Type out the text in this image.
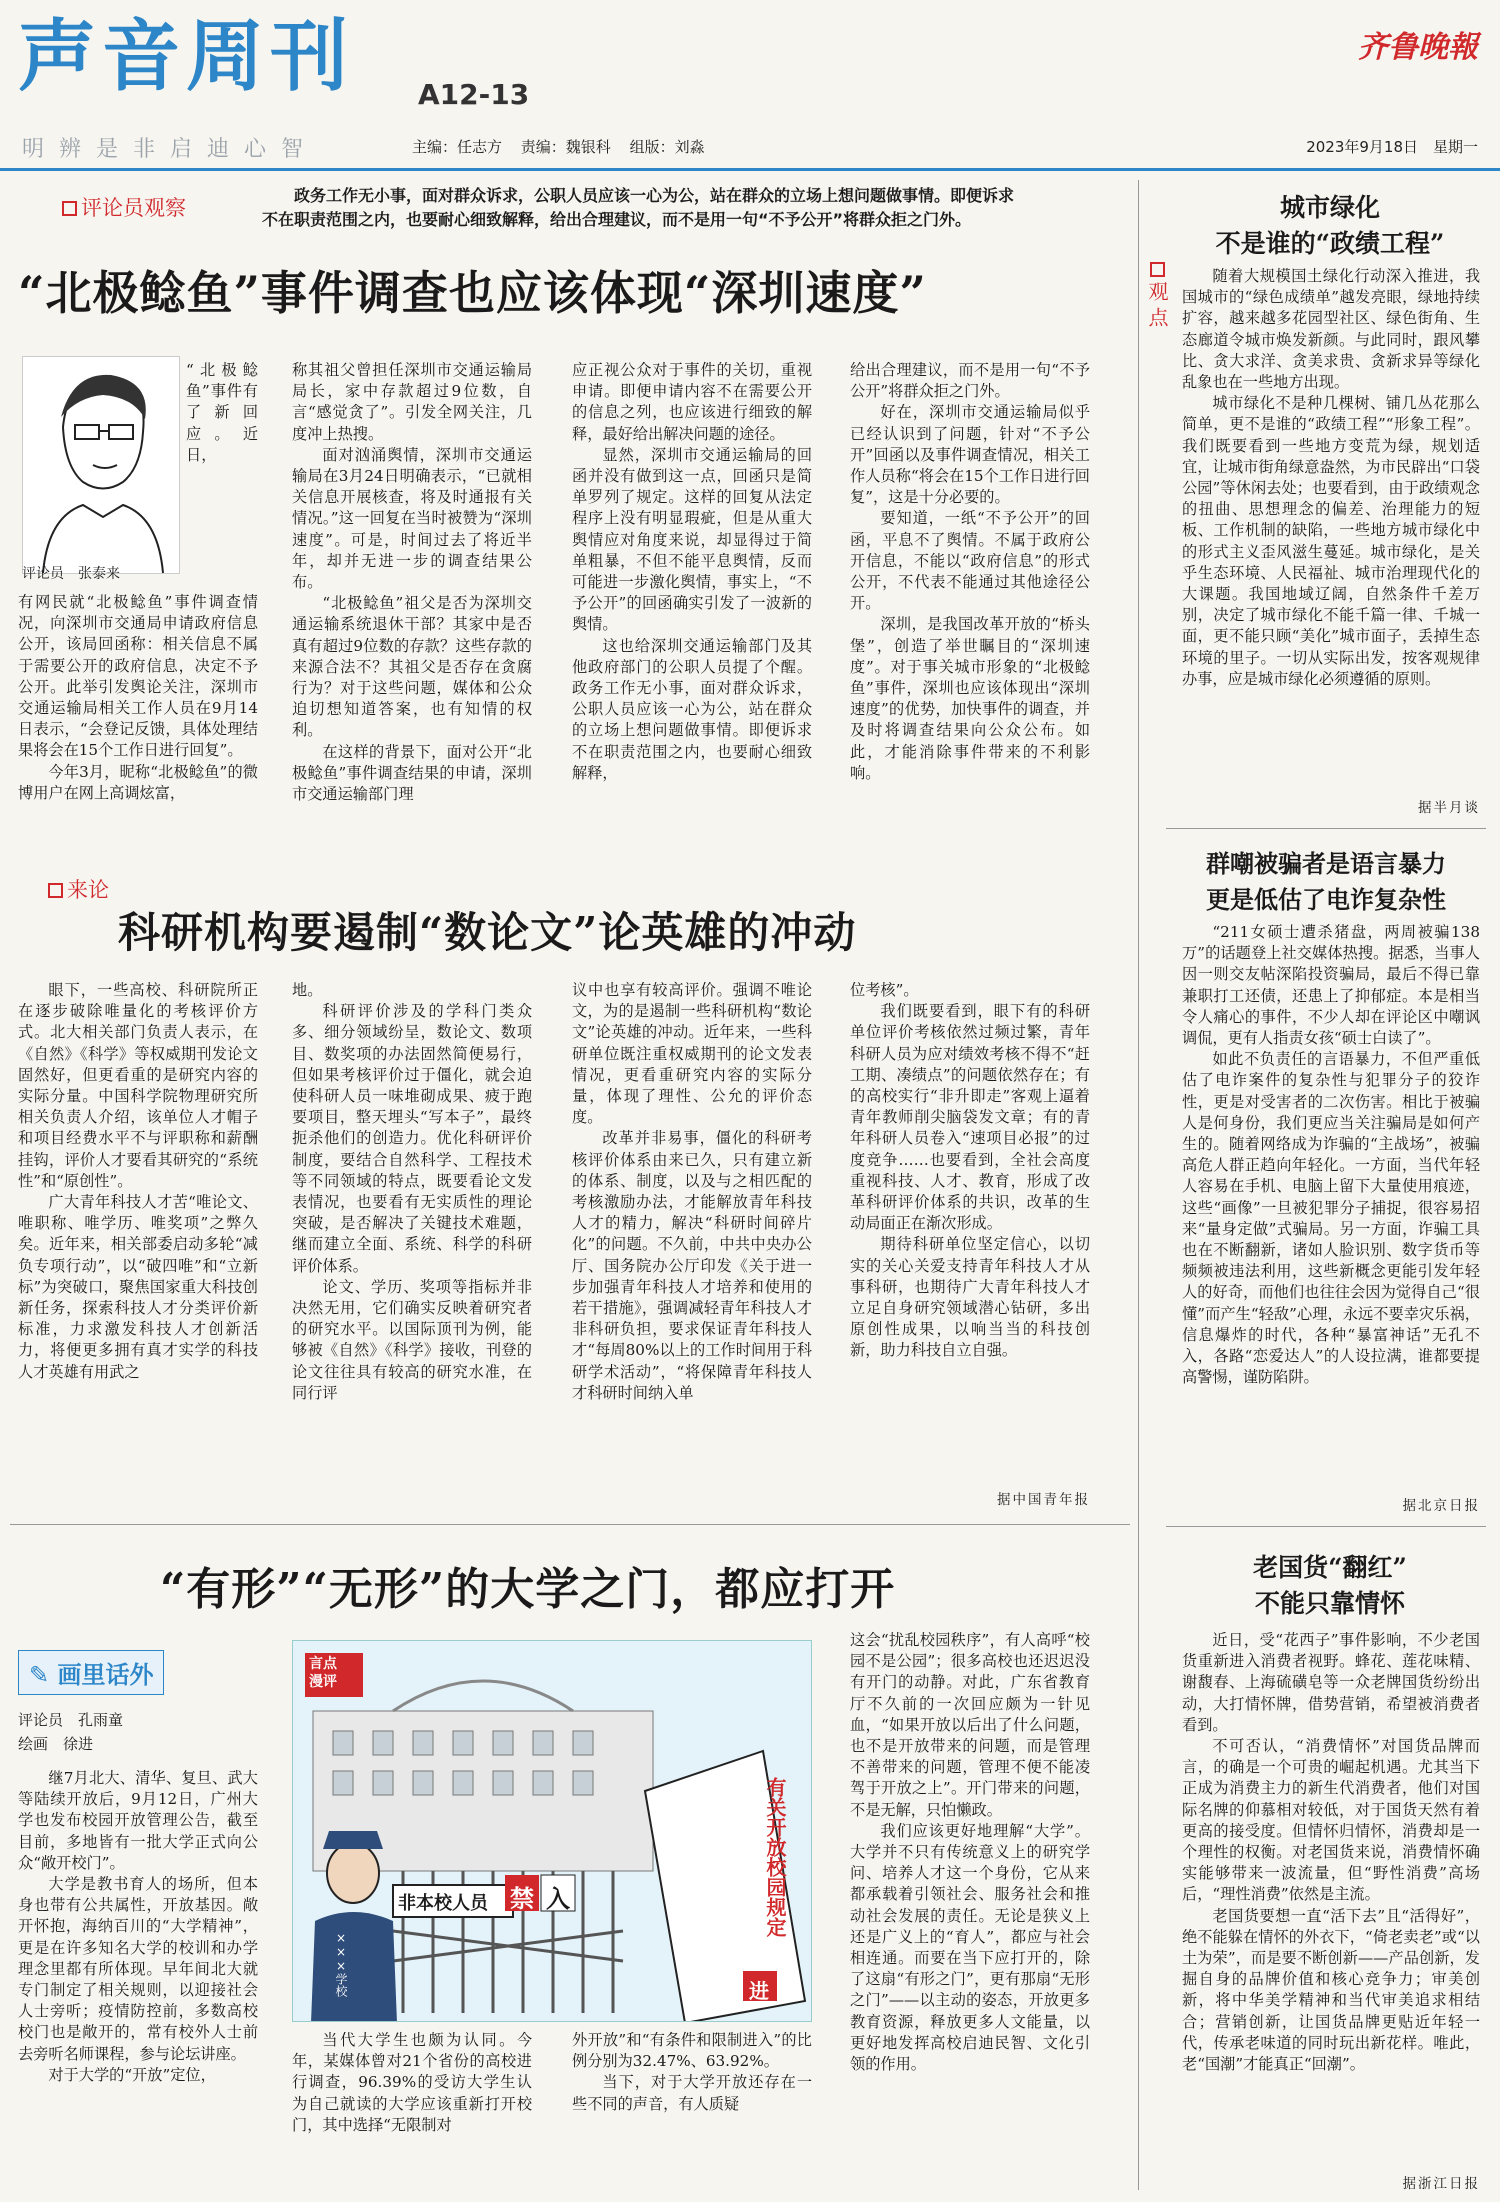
声音周刊 A12-13
明辨是非启迪心智	主编：任志方 责编：魏银科 组版：刘淼
齐鲁晚報
2023年9月18日　星期一
观点
评论员观察
政务工作无小事，面对群众诉求，公职人员应该一心为公，站在群众的立场上想问题做事情。即便诉求不在职责范围之内，也要耐心细致解释，给出合理建议，而不是用一句“不予公开”将群众拒之门外。
“北极鲶鱼”事件调查也应该体现“深圳速度”
评论员　张泰来

“北极鲶鱼”事件有了新回应。近日，

有网民就“北极鲶鱼”事件调查情况，向深圳市交通局申请政府信息公开，该局回函称：相关信息不属于需要公开的政府信息，决定不予公开。此举引发舆论关注，深圳市交通运输局相关工作人员在9月14日表示，“会登记反馈，具体处理结果将会在15个工作日进行回复”。

今年3月，昵称“北极鲶鱼”的微博用户在网上高调炫富，

称其祖父曾担任深圳市交通运输局局长，家中存款超过9位数，自言“感觉贪了”。引发全网关注，几度冲上热搜。

面对汹涌舆情，深圳市交通运输局在3月24日明确表示，“已就相关信息开展核查，将及时通报有关情况。”这一回复在当时被赞为“深圳速度”。可是，时间过去了将近半年，却并无进一步的调查结果公布。

“北极鲶鱼”祖父是否为深圳交通运输系统退休干部？其家中是否真有超过9位数的存款？这些存款的来源合法不？其祖父是否存在贪腐行为？对于这些问题，媒体和公众迫切想知道答案，也有知情的权利。

在这样的背景下，面对公开“北极鲶鱼”事件调查结果的申请，深圳市交通运输部门理

应正视公众对于事件的关切，重视申请。即便申请内容不在需要公开的信息之列，也应该进行细致的解释，最好给出解决问题的途径。

显然，深圳市交通运输局的回函并没有做到这一点，回函只是简单罗列了规定。这样的回复从法定程序上没有明显瑕疵，但是从重大舆情应对角度来说，却显得过于简单粗暴，不但不能平息舆情，反而可能进一步激化舆情，事实上，“不予公开”的回函确实引发了一波新的舆情。

这也给深圳交通运输部门及其他政府部门的公职人员提了个醒。政务工作无小事，面对群众诉求，公职人员应该一心为公，站在群众的立场上想问题做事情。即便诉求不在职责范围之内，也要耐心细致解释，

给出合理建议，而不是用一句“不予公开”将群众拒之门外。

好在，深圳市交通运输局似乎已经认识到了问题，针对“不予公开”回函以及事件调查情况，相关工作人员称“将会在15个工作日进行回复”，这是十分必要的。

要知道，一纸“不予公开”的回函，平息不了舆情。不属于政府公开信息，不能以“政府信息”的形式公开，不代表不能通过其他途径公开。

深圳，是我国改革开放的“桥头堡”，创造了举世瞩目的“深圳速度”。对于事关城市形象的“北极鲶鱼”事件，深圳也应该体现出“深圳速度”的优势，加快事件的调查，并及时将调查结果向公众公布。如此，才能消除事件带来的不利影响。

来论
科研机构要遏制“数论文”论英雄的冲动

眼下，一些高校、科研院所正在逐步破除唯量化的考核评价方式。北大相关部门负责人表示，在《自然》《科学》等权威期刊发论文固然好，但更看重的是研究内容的实际分量。中国科学院物理研究所相关负责人介绍，该单位人才帽子和项目经费水平不与评职称和薪酬挂钩，评价人才要看其研究的“系统性”和“原创性”。

广大青年科技人才苦“唯论文、唯职称、唯学历、唯奖项”之弊久矣。近年来，相关部委启动多轮“减负专项行动”，以“破四唯”和“立新标”为突破口，聚焦国家重大科技创新任务，探索科技人才分类评价新标准，力求激发科技人才创新活力，将便更多拥有真才实学的科技人才英雄有用武之

地。

科研评价涉及的学科门类众多、细分领域纷呈，数论文、数项目、数奖项的办法固然简便易行，但如果考核评价过于僵化，就会迫使科研人员一味堆砌成果、疲于跑要项目，整天埋头“写本子”，最终扼杀他们的创造力。优化科研评价制度，要结合自然科学、工程技术等不同领域的特点，既要看论文发表情况，也要看有无实质性的理论突破，是否解决了关键技术难题，继而建立全面、系统、科学的科研评价体系。

论文、学历、奖项等指标并非决然无用，它们确实反映着研究者的研究水平。以国际顶刊为例，能够被《自然》《科学》接收，刊登的论文往往具有较高的研究水准，在同行评

议中也享有较高评价。强调不唯论文，为的是遏制一些科研机构“数论文”论英雄的冲动。近年来，一些科研单位既注重权威期刊的论文发表情况，更看重研究内容的实际分量，体现了理性、公允的评价态度。

改革并非易事，僵化的科研考核评价体系由来已久，只有建立新的体系、制度，以及与之相匹配的考核激励办法，才能解放青年科技人才的精力，解决“科研时间碎片化”的问题。不久前，中共中央办公厅、国务院办公厅印发《关于进一步加强青年科技人才培养和使用的若干措施》，强调减轻青年科技人才非科研负担，要求保证青年科技人才“每周80%以上的工作时间用于科研学术活动”，“将保障青年科技人才科研时间纳入单

位考核”。

我们既要看到，眼下有的科研单位评价考核依然过频过繁，青年科研人员为应对绩效考核不得不“赶工期、凑绩点”的问题依然存在；有的高校实行“非升即走”客观上逼着青年教师削尖脑袋发文章；有的青年科研人员卷入“速项目必报”的过度竞争……也要看到，全社会高度重视科技、人才、教育，形成了改革科研评价体系的共识，改革的生动局面正在渐次形成。

期待科研单位坚定信心，以切实的关心关爱支持青年科技人才从事科研，也期待广大青年科技人才立足自身研究领域潜心钻研，多出原创性成果，以响当当的科技创新，助力科技自立自强。

据中国青年报
“有形”“无形”的大学之门，都应打开
✎ 画里话外
评论员　孔雨童
绘画　徐进

继7月北大、清华、复旦、武大等陆续开放后，9月12日，广州大学也发布校园开放管理公告，截至目前，多地皆有一批大学正式向公众“敞开校门”。

大学是教书育人的场所，但本身也带有公共属性，开放基因。敞开怀抱，海纳百川的“大学精神”，更是在许多知名大学的校训和办学理念里都有所体现。早年间北大就专门制定了相关规则，以迎接社会人士旁听；疫情防控前，多数高校校门也是敞开的，常有校外人士前去旁听名师课程，参与论坛讲座。

对于大学的“开放”定位，

言点
漫评
非本校人员 禁 入
×××学校
有关开放校园规定
进

当代大学生也颇为认同。今年，某媒体曾对21个省份的高校进行调查，96.39%的受访大学生认为自己就读的大学应该重新打开校门，其中选择“无限制对

外开放”和“有条件和限制进入”的比例分别为32.47%、63.92%。

当下，对于大学开放还存在一些不同的声音，有人质疑

这会“扰乱校园秩序”，有人高呼“校园不是公园”；很多高校也还迟迟没有开门的动静。对此，广东省教育厅不久前的一次回应颇为一针见血，“如果开放以后出了什么问题，也不是开放带来的问题，而是管理不善带来的问题，管理不便不能凌驾于开放之上”。开门带来的问题，不是无解，只怕懒政。

我们应该更好地理解“大学”。大学并不只有传统意义上的研究学问、培养人才这一个身份，它从来都承载着引领社会、服务社会和推动社会发展的责任。无论是狭义上还是广义上的“育人”，都应与社会相连通。而要在当下应打开的，除了这扇“有形之门”，更有那扇“无形之门”——以主动的姿态，开放更多教育资源，释放更多人文能量，以更好地发挥高校启迪民智、文化引领的作用。

城市绿化
不是谁的“政绩工程”

随着大规模国土绿化行动深入推进，我国城市的“绿色成绩单”越发亮眼，绿地持续扩容，越来越多花园型社区、绿色街角、生态廊道令城市焕发新颜。与此同时，跟风攀比、贪大求洋、贪美求贵、贪新求异等绿化乱象也在一些地方出现。

城市绿化不是种几棵树、铺几丛花那么简单，更不是谁的“政绩工程”“形象工程”。我们既要看到一些地方变荒为绿，规划适宜，让城市街角绿意盎然，为市民辟出“口袋公园”等休闲去处；也要看到，由于政绩观念的扭曲、思想理念的偏差、治理能力的短板、工作机制的缺陷，一些地方城市绿化中的形式主义歪风滋生蔓延。城市绿化，是关乎生态环境、人民福祉、城市治理现代化的大课题。我国地域辽阔，自然条件千差万别，决定了城市绿化不能千篇一律、千城一面，更不能只顾“美化”城市面子，丢掉生态环境的里子。一切从实际出发，按客观规律办事，应是城市绿化必须遵循的原则。

据半月谈
群嘲被骗者是语言暴力
更是低估了电诈复杂性

“211女硕士遭杀猪盘，两周被骗138万”的话题登上社交媒体热搜。据悉，当事人因一则交友帖深陷投资骗局，最后不得已靠兼职打工还债，还患上了抑郁症。本是相当令人痛心的事件，不少人却在评论区中嘲讽调侃，更有人指责女孩“硕士白读了”。

如此不负责任的言语暴力，不但严重低估了电诈案件的复杂性与犯罪分子的狡诈性，更是对受害者的二次伤害。相比于被骗人是何身份，我们更应当关注骗局是如何产生的。随着网络成为诈骗的“主战场”，被骗高危人群正趋向年轻化。一方面，当代年轻人容易在手机、电脑上留下大量使用痕迹，这些“画像”一旦被犯罪分子捕捉，很容易招来“量身定做”式骗局。另一方面，诈骗工具也在不断翻新，诸如人脸识别、数字货币等频频被违法利用，这些新概念更能引发年轻人的好奇，而他们也往往会因为觉得自己“很懂”而产生“轻敌”心理，永远不要幸灾乐祸，信息爆炸的时代，各种“暴富神话”无孔不入，各路“恋爱达人”的人设拉满，谁都要提高警惕，谨防陷阱。

据北京日报
老国货“翻红”
不能只靠情怀

近日，受“花西子”事件影响，不少老国货重新进入消费者视野。蜂花、莲花味精、谢馥春、上海硫磺皂等一众老牌国货纷纷出动，大打情怀牌，借势营销，希望被消费者看到。

不可否认，“消费情怀”对国货品牌而言，的确是一个可贵的崛起机遇。尤其当下正成为消费主力的新生代消费者，他们对国际名牌的仰慕相对较低，对于国货天然有着更高的接受度。但情怀归情怀，消费却是一个理性的权衡。对老国货来说，消费情怀确实能够带来一波流量，但“野性消费”高场后，“理性消费”依然是主流。

老国货要想一直“活下去”且“活得好”，绝不能躲在情怀的外衣下，“倚老卖老”或“以土为荣”，而是要不断创新——产品创新，发掘自身的品牌价值和核心竞争力；审美创新，将中华美学精神和当代审美追求相结合；营销创新，让国货品牌更贴近年轻一代，传承老味道的同时玩出新花样。唯此，老“国潮”才能真正“回潮”。

据浙江日报
